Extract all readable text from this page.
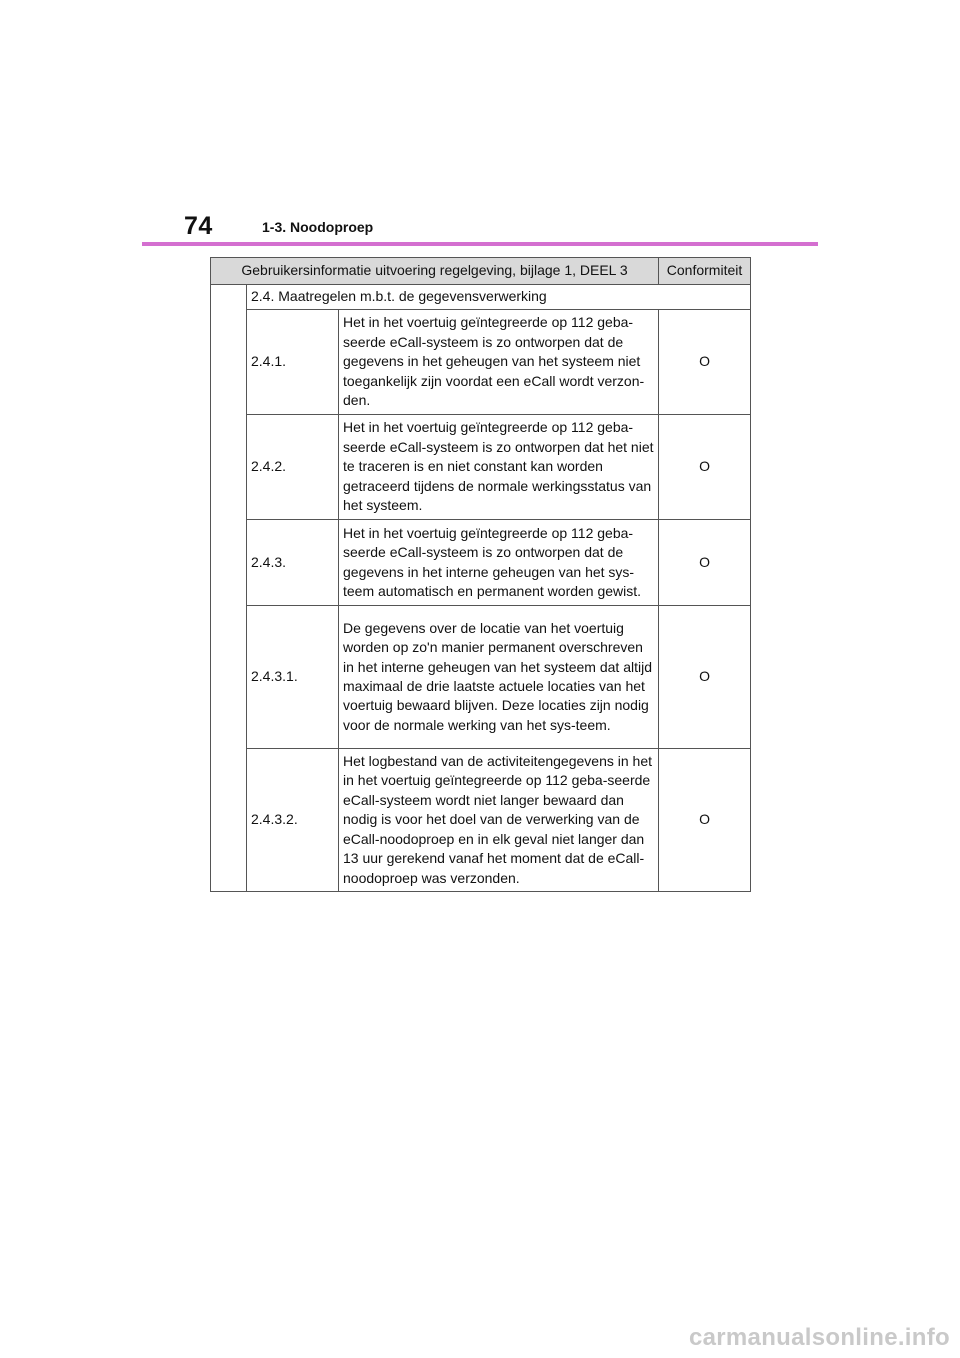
74	1-3. Noodoproep
Gebruikersinformatie uitvoering regelgeving, bijlage 1, DEEL 3			Conformiteit
	2.4. Maatregelen m.b.t. de gegevensverwerking		
	2.4.1.	Het in het voertuig geïntegreerde op 112 geba-seerde eCall-systeem is zo ontworpen dat de gegevens in het geheugen van het systeem niet toegankelijk zijn voordat een eCall wordt verzon-den.	O
	2.4.2.	Het in het voertuig geïntegreerde op 112 geba-seerde eCall-systeem is zo ontworpen dat het niet te traceren is en niet constant kan worden getraceerd tijdens de normale werkingsstatus van het systeem.	O
	2.4.3.	Het in het voertuig geïntegreerde op 112 geba-seerde eCall-systeem is zo ontworpen dat de gegevens in het interne geheugen van het sys-teem automatisch en permanent worden gewist.	O
	2.4.3.1.	De gegevens over de locatie van het voertuig worden op zo'n manier permanent overschreven in het interne geheugen van het systeem dat altijd maximaal de drie laatste actuele locaties van het voertuig bewaard blijven. Deze locaties zijn nodig voor de normale werking van het sys-teem.	O
	2.4.3.2.	Het logbestand van de activiteitengegevens in het in het voertuig geïntegreerde op 112 geba-seerde eCall-systeem wordt niet langer bewaard dan nodig is voor het doel van de verwerking van de eCall-noodoproep en in elk geval niet langer dan 13 uur gerekend vanaf het moment dat de eCall-noodoproep was verzonden.	O
carmanualsonline.info
